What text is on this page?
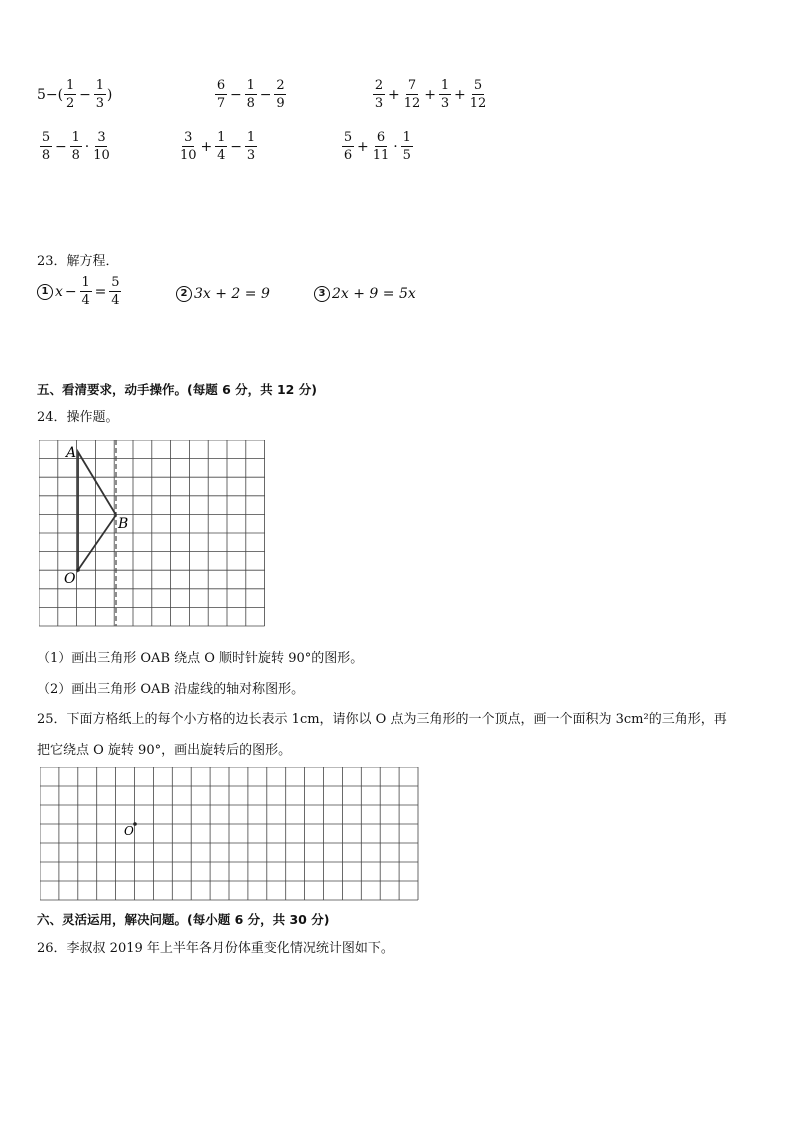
$5-( \frac{1}{2} - \frac{1}{3}$ )	$\frac{6}{7} - \frac{1}{8} - \frac{2}{9}$	$\frac{2}{3} + \frac{7}{12} + \frac{1}{3} + \frac{5}{12}$
$\frac{5}{8} - \frac{1}{8} \cdot \frac{3}{10}$	$\frac{3}{10} + \frac{1}{4} - \frac{1}{3}$	$\frac{5}{6} + \frac{6}{11} \cdot \frac{1}{5}$
23．解方程．
1 $x - \frac{1}{4} = \frac{5}{4}$	2 3x + 2 = 9	3 2x + 9 = 5x
五、看清要求，动手操作。(每题 6 分，共 12 分)
24．操作题。
A
B
O
（1）画出三角形 OAB 绕点 O 顺时针旋转 90°的图形。
（2）画出三角形 OAB 沿虚线的轴对称图形。
25．下面方格纸上的每个小方格的边长表示 1cm，请你以 O 点为三角形的一个顶点，画一个面积为 3cm²的三角形，再
把它绕点 O 旋转 90°，画出旋转后的图形。
O
六、灵活运用，解决问题。(每小题 6 分，共 30 分)
26．李叔叔 2019 年上半年各月份体重变化情况统计图如下。
